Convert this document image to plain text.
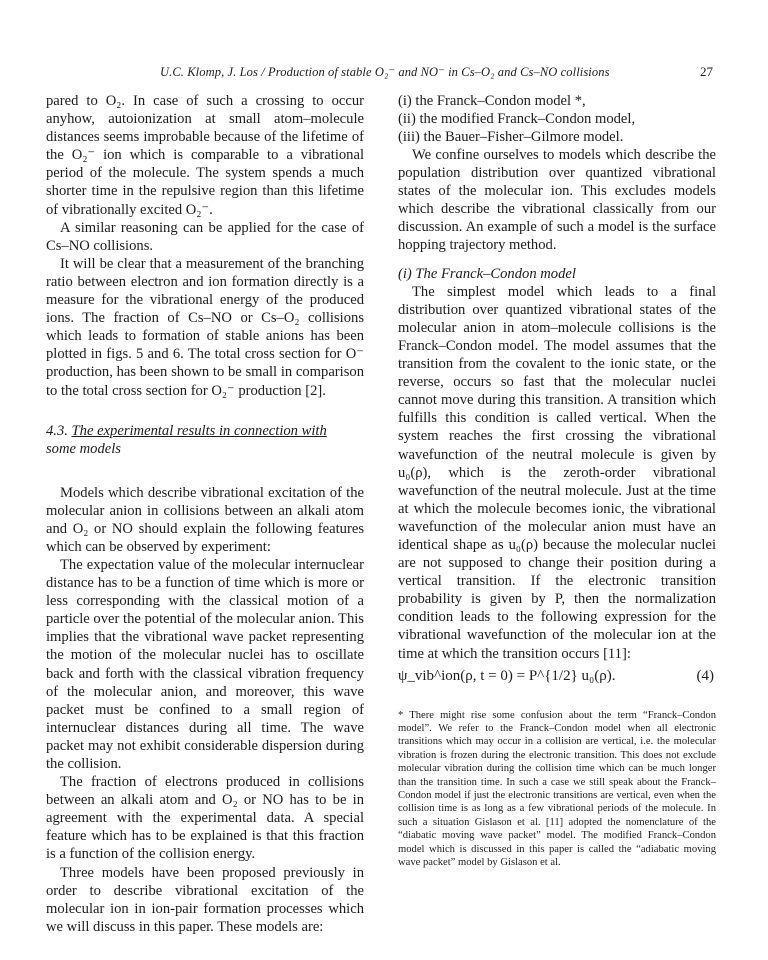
U.C. Klomp, J. Los / Production of stable O₂⁻ and NO⁻ in Cs–O₂ and Cs–NO collisions	27

pared to O₂. In case of such a crossing to occur anyhow, autoionization at small atom–molecule distances seems improbable because of the lifetime of the O₂⁻ ion which is comparable to a vibrational period of the molecule. The system spends a much shorter time in the repulsive region than this lifetime of vibrationally excited O₂⁻.

A similar reasoning can be applied for the case of Cs–NO collisions.

It will be clear that a measurement of the branching ratio between electron and ion formation directly is a measure for the vibrational energy of the produced ions. The fraction of Cs–NO or Cs–O₂ collisions which leads to formation of stable anions has been plotted in figs. 5 and 6. The total cross section for O⁻ production, has been shown to be small in comparison to the total cross section for O₂⁻ production [2].

4.3. The experimental results in connection with
some models

Models which describe vibrational excitation of the molecular anion in collisions between an alkali atom and O₂ or NO should explain the following features which can be observed by experiment:

The expectation value of the molecular internuclear distance has to be a function of time which is more or less corresponding with the classical motion of a particle over the potential of the molecular anion. This implies that the vibrational wave packet representing the motion of the molecular nuclei has to oscillate back and forth with the classical vibration frequency of the molecular anion, and moreover, this wave packet must be confined to a small region of internuclear distances during all time. The wave packet may not exhibit considerable dispersion during the collision.

The fraction of electrons produced in collisions between an alkali atom and O₂ or NO has to be in agreement with the experimental data. A special feature which has to be explained is that this fraction is a function of the collision energy.

Three models have been proposed previously in order to describe vibrational excitation of the molecular ion in ion-pair formation processes which we will discuss in this paper. These models are:

(i) the Franck–Condon model *,

(ii) the modified Franck–Condon model,

(iii) the Bauer–Fisher–Gilmore model.

We confine ourselves to models which describe the population distribution over quantized vibrational states of the molecular ion. This excludes models which describe the vibrational classically from our discussion. An example of such a model is the surface hopping trajectory method.

(i) The Franck–Condon model

The simplest model which leads to a final distribution over quantized vibrational states of the molecular anion in atom–molecule collisions is the Franck–Condon model. The model assumes that the transition from the covalent to the ionic state, or the reverse, occurs so fast that the molecular nuclei cannot move during this transition. A transition which fulfills this condition is called vertical. When the system reaches the first crossing the vibrational wavefunction of the neutral molecule is given by u₀(ρ), which is the zeroth-order vibrational wavefunction of the neutral molecule. Just at the time at which the molecule becomes ionic, the vibrational wavefunction of the molecular anion must have an identical shape as u₀(ρ) because the molecular nuclei are not supposed to change their position during a vertical transition. If the electronic transition probability is given by P, then the normalization condition leads to the following expression for the vibrational wavefunction of the molecular ion at the time at which the transition occurs [11]:

ψ_vib^ion(ρ, t = 0) = P^{1/2} u₀(ρ).	(4)

* There might rise some confusion about the term “Franck–Condon model”. We refer to the Franck–Condon model when all electronic transitions which may occur in a collision are vertical, i.e. the molecular vibration is frozen during the electronic transition. This does not exclude molecular vibration during the collision time which can be much longer than the transition time. In such a case we still speak about the Franck–Condon model if just the electronic transitions are vertical, even when the collision time is as long as a few vibrational periods of the molecule. In such a situation Gislason et al. [11] adopted the nomenclature of the “diabatic moving wave packet” model. The modified Franck–Condon model which is discussed in this paper is called the “adiabatic moving wave packet” model by Gislason et al.
